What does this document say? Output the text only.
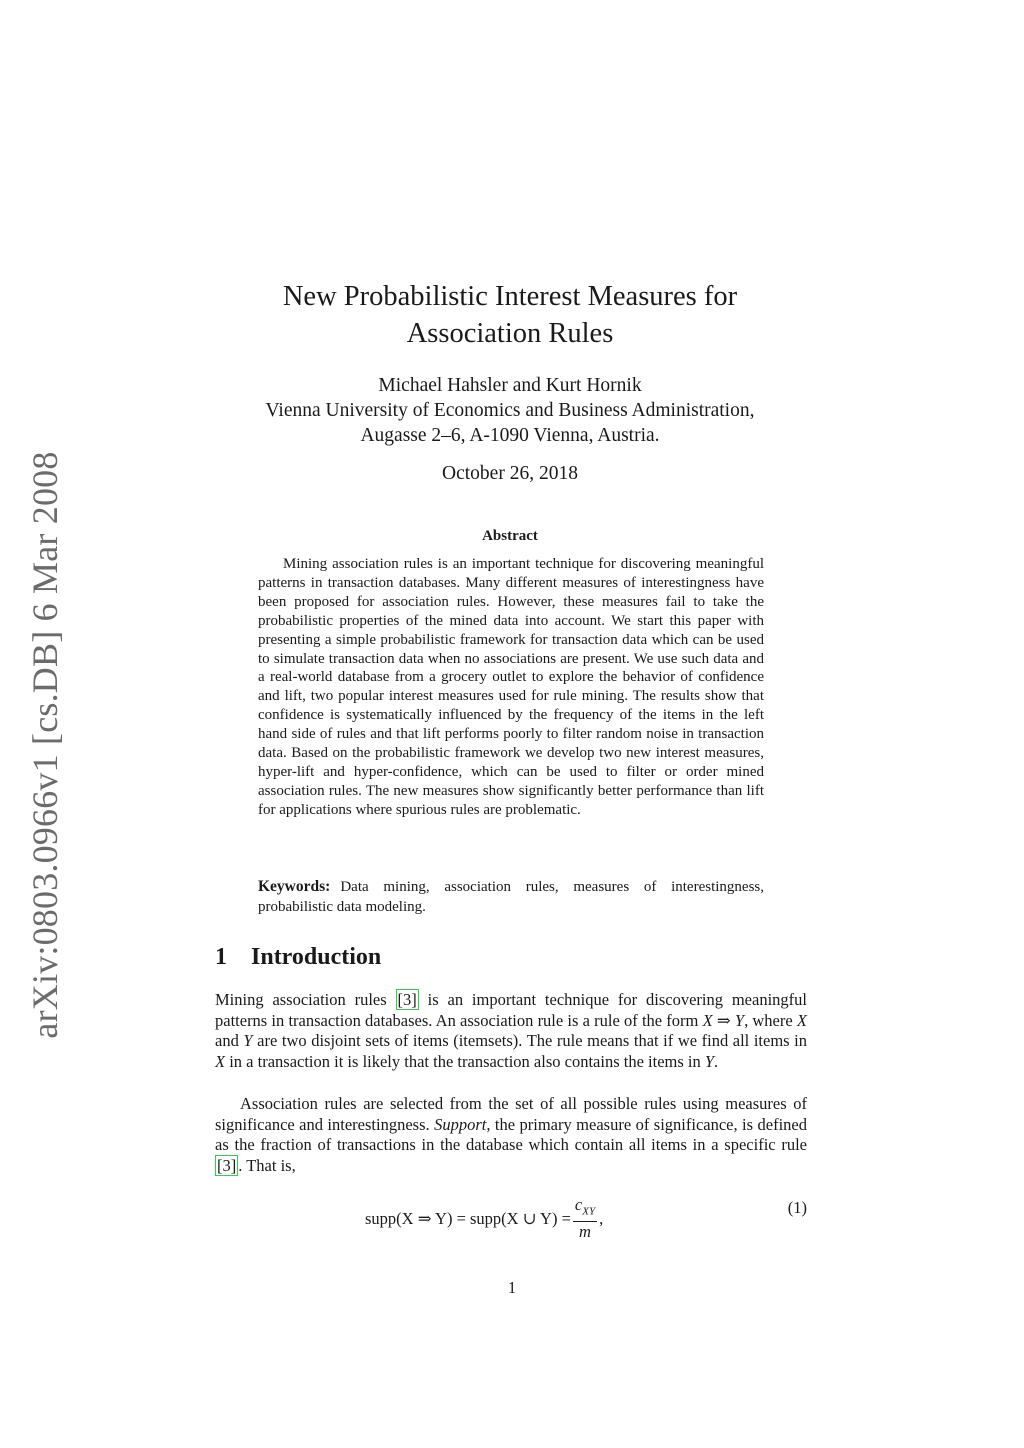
arXiv:0803.0966v1 [cs.DB] 6 Mar 2008
New Probabilistic Interest Measures for
Association Rules
Michael Hahsler and Kurt Hornik
Vienna University of Economics and Business Administration,
Augasse 2–6, A-1090 Vienna, Austria.
October 26, 2018
Abstract

Mining association rules is an important technique for discovering meaningful patterns in transaction databases. Many different measures of interestingness have been proposed for association rules. However, these measures fail to take the probabilistic properties of the mined data into account. We start this paper with presenting a simple probabilistic framework for transaction data which can be used to simulate transaction data when no associations are present. We use such data and a real-world database from a grocery outlet to explore the behavior of confidence and lift, two popular interest measures used for rule mining. The results show that confidence is systematically influenced by the frequency of the items in the left hand side of rules and that lift performs poorly to filter random noise in transaction data. Based on the probabilistic framework we develop two new interest measures, hyper-lift and hyper-confidence, which can be used to filter or order mined association rules. The new measures show significantly better performance than lift for applications where spurious rules are problematic.

Keywords: Data mining, association rules, measures of interestingness, probabilistic data modeling.

1 Introduction

Mining association rules [3] is an important technique for discovering meaningful patterns in transaction databases. An association rule is a rule of the form X ⇒ Y, where X and Y are two disjoint sets of items (itemsets). The rule means that if we find all items in X in a transaction it is likely that the transaction also contains the items in Y.

Association rules are selected from the set of all possible rules using measures of significance and interestingness. Support, the primary measure of significance, is defined as the fraction of transactions in the database which contain all items in a specific rule [3] . That is,

supp(X ⇒ Y) = supp(X ∪ $Y) = \frac{c_{XY}}{m}$ ,
(1)
1
